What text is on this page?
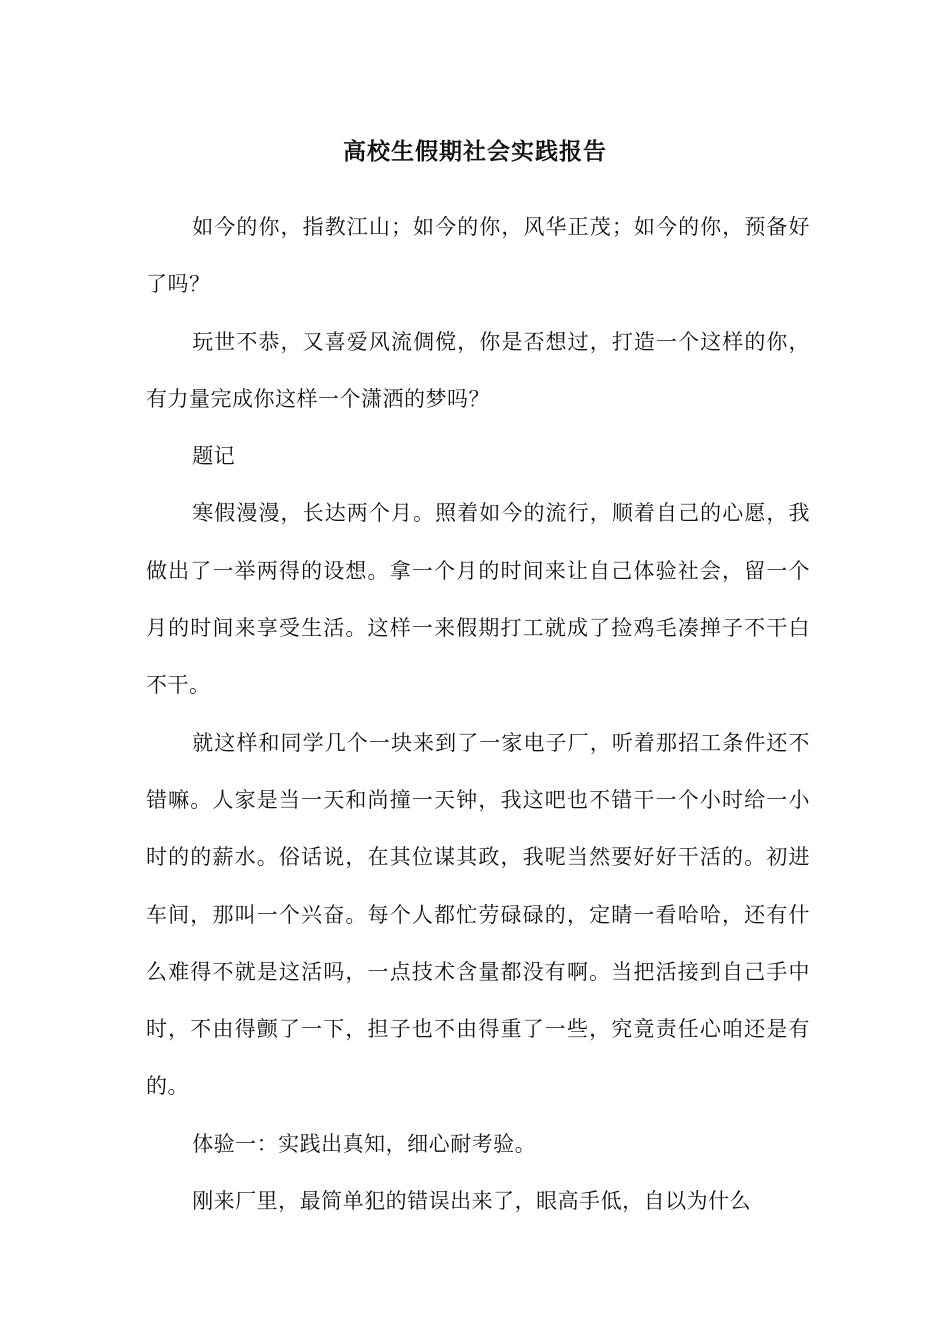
高校生假期社会实践报告

如今的你，指教江山；如今的你，风华正茂；如今的你，预备好了吗？

玩世不恭，又喜爱风流倜傥，你是否想过，打造一个这样的你，有力量完成你这样一个潇洒的梦吗？

题记

寒假漫漫，长达两个月。照着如今的流行，顺着自己的心愿，我做出了一举两得的设想。拿一个月的时间来让自己体验社会，留一个月的时间来享受生活。这样一来假期打工就成了捡鸡毛凑掸子不干白不干。

就这样和同学几个一块来到了一家电子厂，听着那招工条件还不错嘛。人家是当一天和尚撞一天钟，我这吧也不错干一个小时给一小时的的薪水。俗话说，在其位谋其政，我呢当然要好好干活的。初进车间，那叫一个兴奋。每个人都忙劳碌碌的，定睛一看哈哈，还有什么难得不就是这活吗，一点技术含量都没有啊。当把活接到自己手中时，不由得颤了一下，担子也不由得重了一些，究竟责任心咱还是有的。

体验一：实践出真知，细心耐考验。

刚来厂里，最简单犯的错误出来了，眼高手低，自以为什么
